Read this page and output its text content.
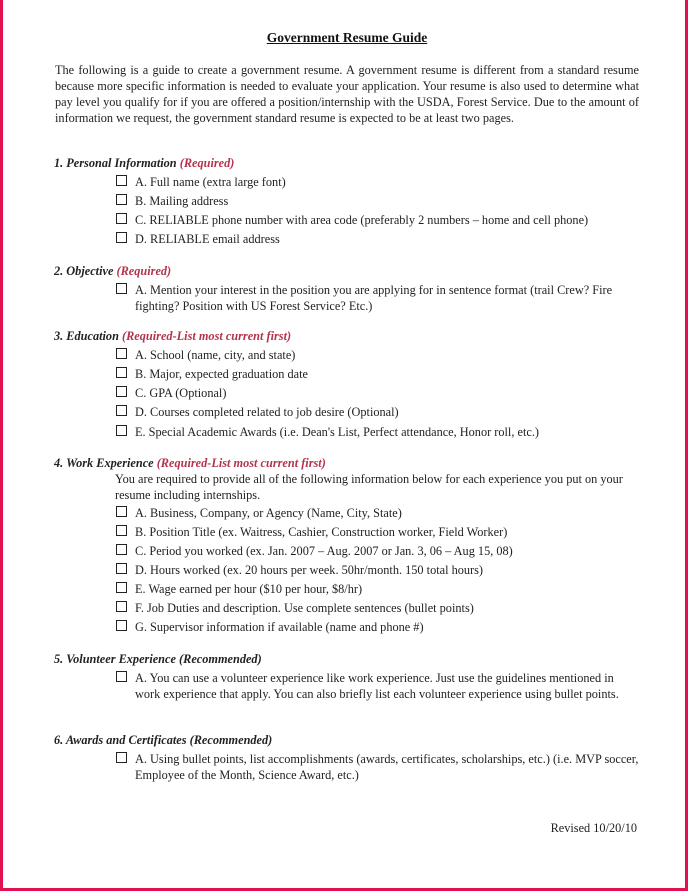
Government Resume Guide
The following is a guide to create a government resume. A government resume is different from a standard resume because more specific information is needed to evaluate your application. Your resume is also used to determine what pay level you qualify for if you are offered a position/internship with the USDA, Forest Service. Due to the amount of information we request, the government standard resume is expected to be at least two pages.
1. Personal Information (Required)
A. Full name (extra large font)
B. Mailing address
C. RELIABLE phone number with area code (preferably 2 numbers – home and cell phone)
D. RELIABLE email address
2. Objective (Required)
A. Mention your interest in the position you are applying for in sentence format (trail Crew? Fire fighting? Position with US Forest Service? Etc.)
3. Education (Required-List most current first)
A. School (name, city, and state)
B. Major, expected graduation date
C. GPA (Optional)
D. Courses completed related to job desire (Optional)
E. Special Academic Awards (i.e. Dean's List, Perfect attendance, Honor roll, etc.)
4. Work Experience (Required-List most current first)
You are required to provide all of the following information below for each experience you put on your resume including internships.
A. Business, Company, or Agency (Name, City, State)
B. Position Title (ex. Waitress, Cashier, Construction worker, Field Worker)
C. Period you worked (ex. Jan. 2007 – Aug. 2007 or Jan. 3, 06 – Aug 15, 08)
D. Hours worked (ex. 20 hours per week. 50hr/month. 150 total hours)
E. Wage earned per hour ($10 per hour, $8/hr)
F. Job Duties and description. Use complete sentences (bullet points)
G. Supervisor information if available (name and phone #)
5. Volunteer Experience (Recommended)
A. You can use a volunteer experience like work experience. Just use the guidelines mentioned in work experience that apply. You can also briefly list each volunteer experience using bullet points.
6. Awards and Certificates (Recommended)
A. Using bullet points, list accomplishments (awards, certificates, scholarships, etc.) (i.e. MVP soccer, Employee of the Month, Science Award, etc.)
Revised 10/20/10
